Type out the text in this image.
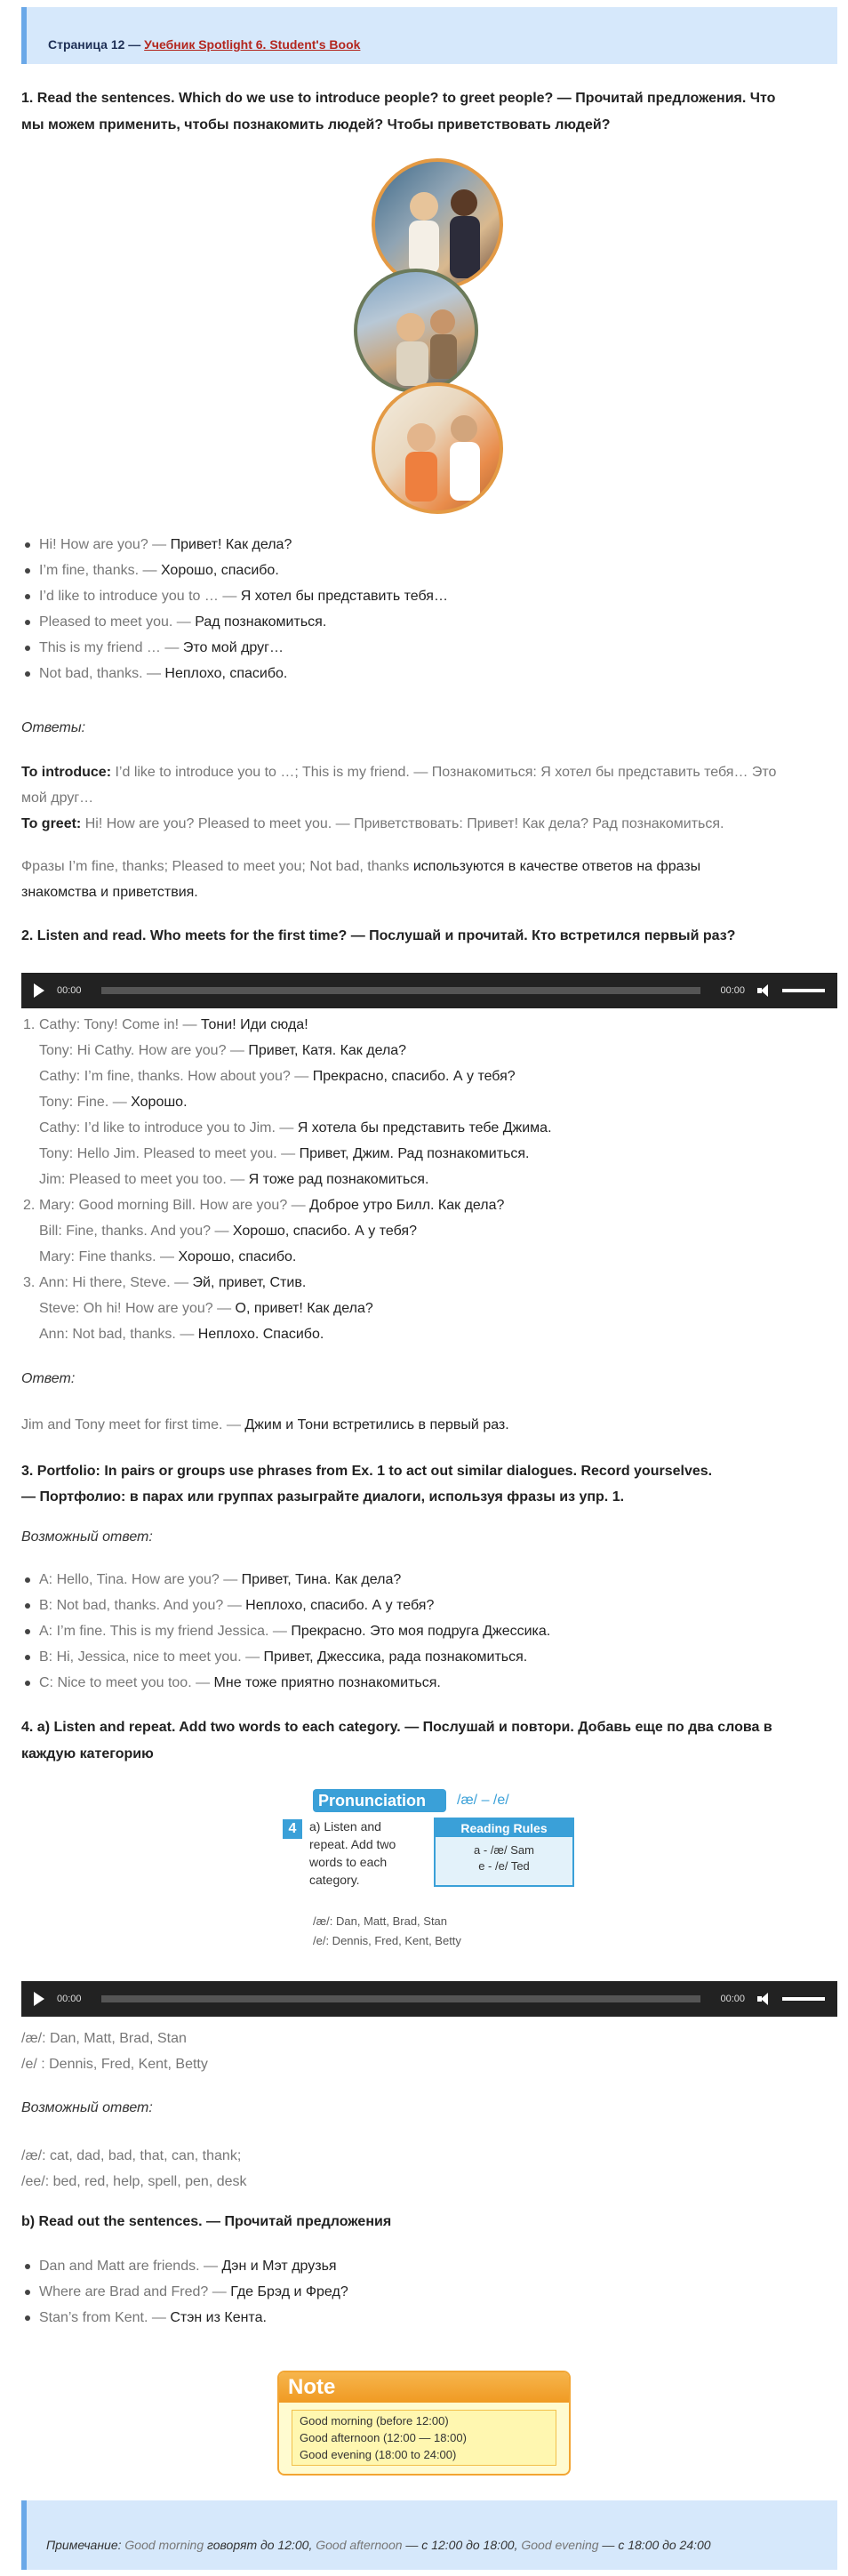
Страница 12 — Учебник Spotlight 6. Student's Book
1. Read the sentences. Which do we use to introduce people? to greet people? — Прочитай предложения. Что
мы можем применить, чтобы познакомить людей? Чтобы приветствовать людей?
Hi! How are you? — Привет! Как дела?
I’m fine, thanks. — Хорошо, спасибо.
I’d like to introduce you to … — Я хотел бы представить тебя…
Pleased to meet you. — Рад познакомиться.
This is my friend … — Это мой друг…
Not bad, thanks. — Неплохо, спасибо.
Ответы:
To introduce: I’d like to introduce you to …; This is my friend. — Познакомиться: Я хотел бы представить тебя… Это
мой друг…
To greet: Hi! How are you? Pleased to meet you. — Приветствовать: Привет! Как дела? Рад познакомиться.
Фразы I’m fine, thanks; Pleased to meet you; Not bad, thanks используются в качестве ответов на фразы
знакомства и приветствия.
2. Listen and read. Who meets for the first time? — Послушай и прочитай. Кто встретился первый раз?
00:00	00:00
1. Cathy: Tony! Come in! — Тони! Иди сюда!
Tony: Hi Cathy. How are you? — Привет, Катя. Как дела?
Cathy: I’m fine, thanks. How about you? — Прекрасно, спасибо. А у тебя?
Tony: Fine. — Хорошо.
Cathy: I’d like to introduce you to Jim. — Я хотела бы представить тебе Джима.
Tony: Hello Jim. Pleased to meet you. — Привет, Джим. Рад познакомиться.
Jim: Pleased to meet you too. — Я тоже рад познакомиться.
2. Mary: Good morning Bill. How are you? — Доброе утро Билл. Как дела?
Bill: Fine, thanks. And you? — Хорошо, спасибо. А у тебя?
Mary: Fine thanks. — Хорошо, спасибо.
3. Ann: Hi there, Steve. — Эй, привет, Стив.
Steve: Oh hi! How are you? — О, привет! Как дела?
Ann: Not bad, thanks. — Неплохо. Спасибо.
Ответ:
Jim and Tony meet for first time. — Джим и Тони встретились в первый раз.
3. Portfolio: In pairs or groups use phrases from Ex. 1 to act out similar dialogues. Record yourselves.
— Портфолио: в парах или группах разыгрaйте диалоги, используя фразы из упр. 1.
Возможный ответ:
A: Hello, Tina. How are you? — Привет, Тина. Как дела?
B: Not bad, thanks. And you? — Неплохо, спасибо. А у тебя?
A: I’m fine. This is my friend Jessica. — Прекрасно. Это моя подруга Джессика.
B: Hi, Jessica, nice to meet you. — Привет, Джессика, рада познакомиться.
C: Nice to meet you too. — Мне тоже приятно познакомиться.
4. a) Listen and repeat. Add two words to each category. — Послушай и повтори. Добавь еще по два слова в
каждую категорию
Pronunciation	/æ/ – /e/
4	a) Listen and
repeat. Add two
words to each
category.
Reading Rules
a - /æ/ Sam
e - /e/ Ted
/æ/: Dan, Matt, Brad, Stan
/e/: Dennis, Fred, Kent, Betty
00:00	00:00
/æ/: Dan, Matt, Brad, Stan
/e/ : Dennis, Fred, Kent, Betty
Возможный ответ:
/æ/: cat, dad, bad, that, can, thank;
/ee/: bed, red, help, spell, pen, desk
b) Read out the sentences. — Прочитай предложения
Dan and Matt are friends. — Дэн и Мэт друзья
Where are Brad and Fred? — Где Брэд и Фред?
Stan’s from Kent. — Стэн из Кента.
Note
Good morning (before 12:00)
Good afternoon (12:00 — 18:00)
Good evening (18:00 to 24:00)
Примечание: Good morning говорят до 12:00, Good afternoon — с 12:00 до 18:00, Good evening — с 18:00 до 24:00
